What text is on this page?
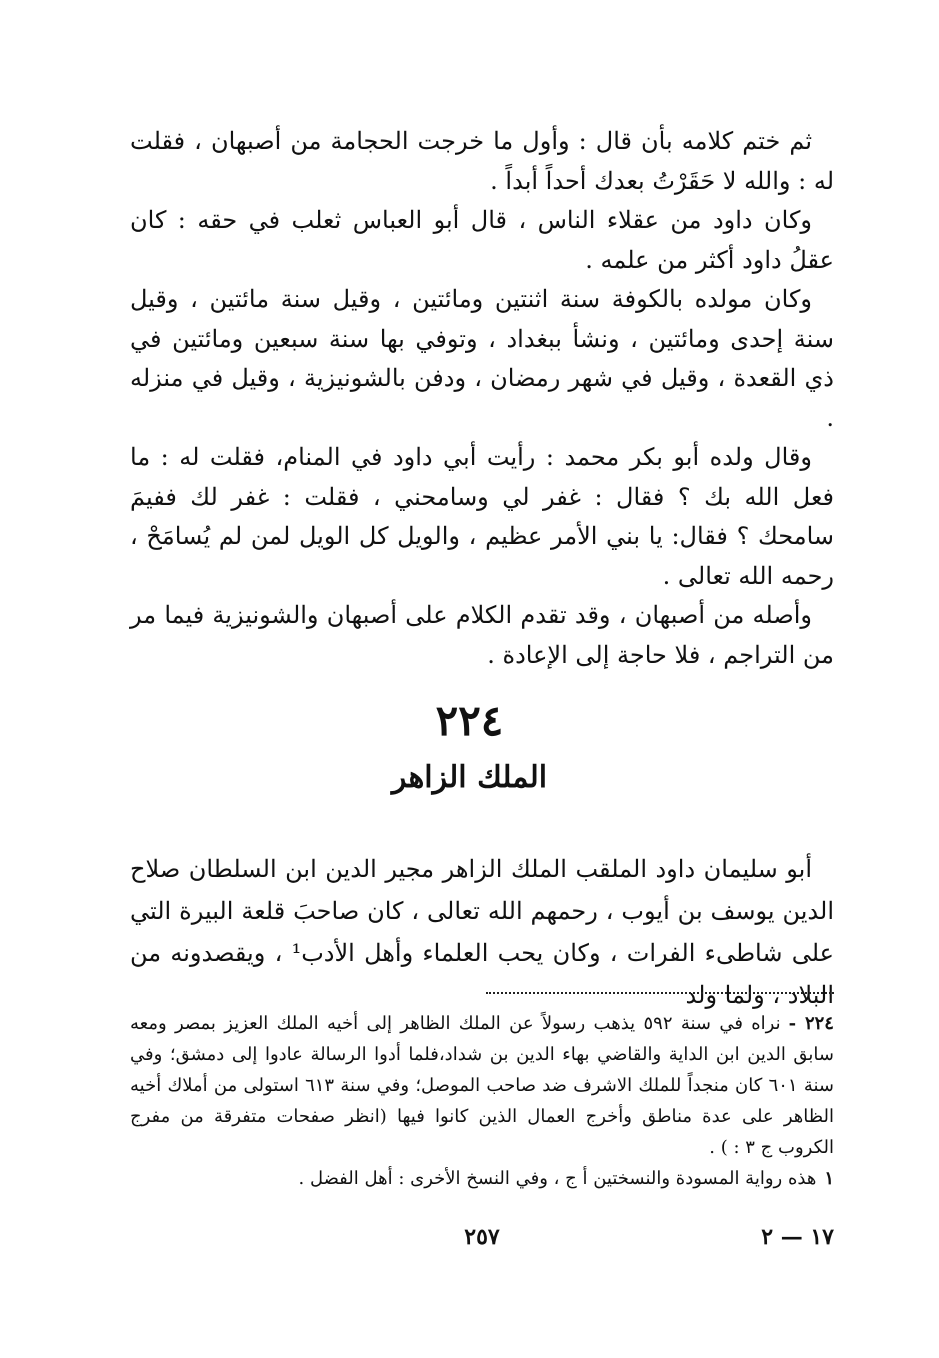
ثم ختم كلامه بأن قال : وأول ما خرجت الحجامة من أصبهان ، فقلت له : والله لا حَقَرْتُ بعدك أحداً أبداً .

وكان داود من عقلاء الناس ، قال أبو العباس ثعلب في حقه : كان عقلُ داود أكثر من علمه .

وكان مولده بالكوفة سنة اثنتين ومائتين ، وقيل سنة مائتين ، وقيل سنة إحدى ومائتين ، ونشأ ببغداد ، وتوفي بها سنة سبعين ومائتين في ذي القعدة ، وقيل في شهر رمضان ، ودفن بالشونيزية ، وقيل في منزله .

وقال ولده أبو بكر محمد : رأيت أبي داود في المنام، فقلت له : ما فعل الله بك ؟ فقال : غفر لي وسامحني ، فقلت : غفر لك ففيمَ سامحك ؟ فقال: يا بني الأمر عظيم ، والويل كل الويل لمن لم يُسامَحْ ، رحمه الله تعالى .

وأصله من أصبهان ، وقد تقدم الكلام على أصبهان والشونيزية فيما مر من التراجم ، فلا حاجة إلى الإعادة .

٢٢٤
الملك الزاهر

أبو سليمان داود الملقب الملك الزاهر مجير الدين ابن السلطان صلاح الدين يوسف بن أيوب ، رحمهم الله تعالى ، كان صاحبَ قلعة البيرة التي على شاطىء الفرات ، وكان يحب العلماء وأهل الأدب¹ ، ويقصدونه من البلاد ، ولما ولد

٢٢٤ -نراه في سنة ٥٩٢ يذهب رسولاً عن الملك الظاهر إلى أخيه الملك العزيز بمصر ومعه سابق الدين ابن الداية والقاضي بهاء الدين بن شداد،فلما أدوا الرسالة عادوا إلى دمشق؛ وفي سنة ٦٠١ كان منجداً للملك الاشرف ضد صاحب الموصل؛ وفي سنة ٦١٣ استولى من أملاك أخيه الظاهر على عدة مناطق وأخرج العمال الذين كانوا فيها (انظر صفحات متفرقة من مفرج الكروب ج ٣ : ) .

١هذه رواية المسودة والنسختين أ ج ، وفي النسخ الأخرى : أهل الفضل .

٢٥٧	١٧ — ٢
